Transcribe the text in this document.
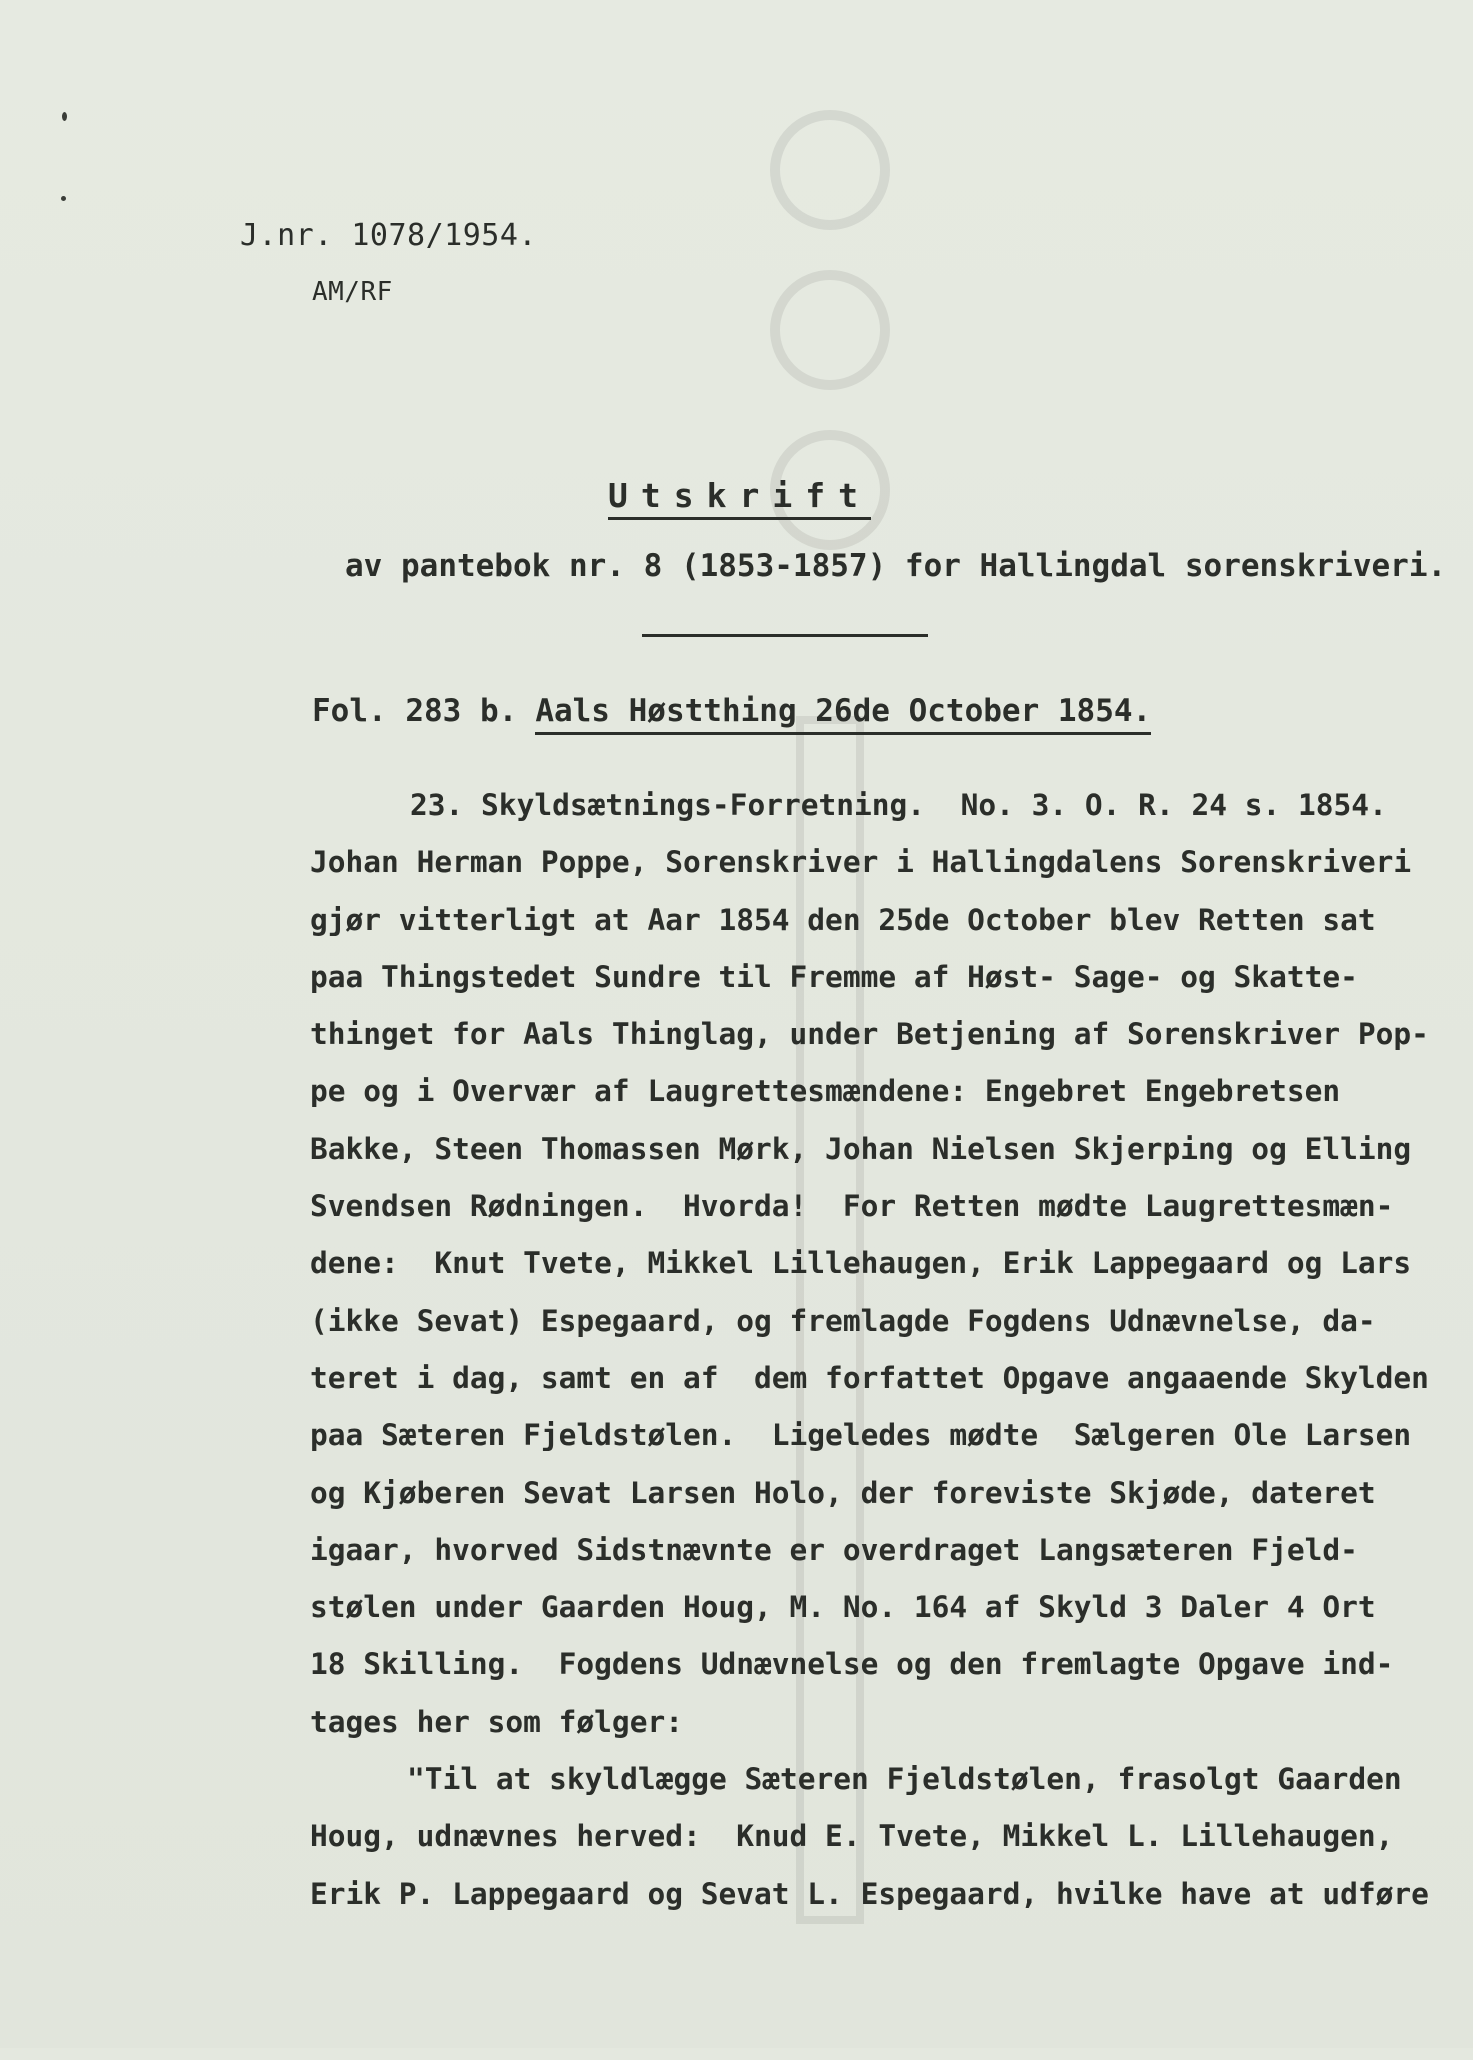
J.nr. 1078/1954.
AM/RF
Utskrift
av pantebok nr. 8 (1853-1857) for Hallingdal sorenskriveri.
Fol. 283 b. Aals Høstthing 26de October 1854.
23. Skyldsætnings-Forretning.  No. 3. O. R. 24 s. 1854.
Johan Herman Poppe, Sorenskriver i Hallingdalens Sorenskriveri
gjør vitterligt at Aar 1854 den 25de October blev Retten sat
paa Thingstedet Sundre til Fremme af Høst- Sage- og Skatte-
thinget for Aals Thinglag, under Betjening af Sorenskriver Pop-
pe og i Overvær af Laugrettesmændene: Engebret Engebretsen
Bakke, Steen Thomassen Mørk, Johan Nielsen Skjerping og Elling
Svendsen Rødningen.  Hvorda!  For Retten mødte Laugrettesmæn-
dene:  Knut Tvete, Mikkel Lillehaugen, Erik Lappegaard og Lars
(ikke Sevat) Espegaard, og fremlagde Fogdens Udnævnelse, da-
teret i dag, samt en af  dem forfattet Opgave angaaende Skylden
paa Sæteren Fjeldstølen.  Ligeledes mødte  Sælgeren Ole Larsen
og Kjøberen Sevat Larsen Holo, der foreviste Skjøde, dateret
igaar, hvorved Sidstnævnte er overdraget Langsæteren Fjeld-
stølen under Gaarden Houg, M. No. 164 af Skyld 3 Daler 4 Ort
18 Skilling.  Fogdens Udnævnelse og den fremlagte Opgave ind-
tages her som følger:
"Til at skyldlægge Sæteren Fjeldstølen, frasolgt Gaarden
Houg, udnævnes herved:  Knud E. Tvete, Mikkel L. Lillehaugen,
Erik P. Lappegaard og Sevat L. Espegaard, hvilke have at udføre
